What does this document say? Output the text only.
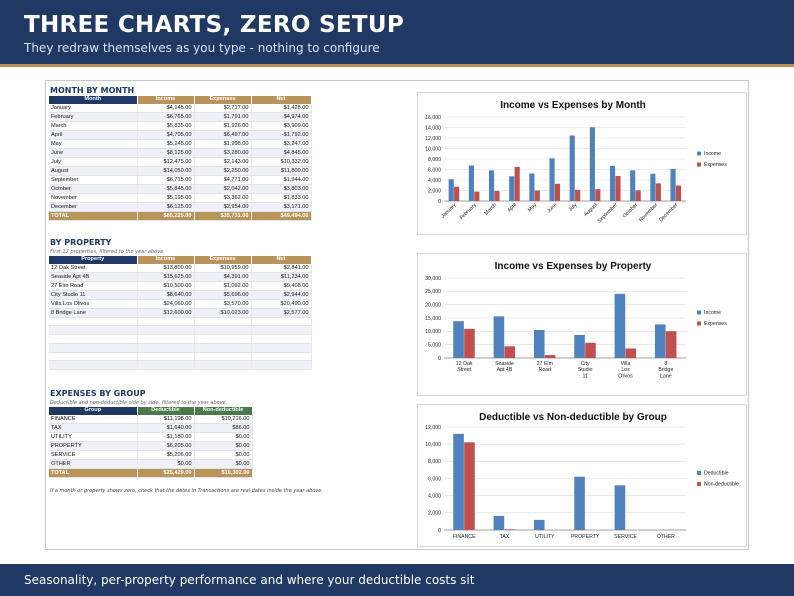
THREE CHARTS, ZERO SETUP
They redraw themselves as you type - nothing to configure
MONTH BY MONTH
Month	Income	Expenses	Net
January	$4,145.00	$2,717.00	$1,428.00
February	$6,765.00	$1,791.00	$4,974.00
March	$5,835.00	$1,926.00	$3,909.00
April	$4,705.00	$6,497.00	-$1,792.00
May	$5,245.00	$1,998.00	$3,247.00
June	$8,125.00	$3,280.00	$4,845.00
July	$12,475.00	$2,143.00	$10,332.00
August	$14,050.00	$2,250.00	$11,800.00
September	$6,715.00	$4,771.00	$1,944.00
October	$5,845.00	$2,042.00	$3,803.00
November	$5,195.00	$3,362.00	$1,833.00
December	$6,125.00	$2,954.00	$3,171.00
TOTAL	$85,225.00	$35,731.00	$49,494.00
BY PROPERTY
First 12 properties, filtered to the year above.
Property	Income	Expenses	Net
12 Oak Street	$13,800.00	$10,959.00	$2,841.00
Seaside Apt 4B	$15,625.00	$4,391.00	$11,234.00
27 Elm Road	$10,500.00	$1,092.00	$9,408.00
City Studio 11	$8,640.00	$5,696.00	$2,944.00
Villa Los Olivos	$24,060.00	$3,570.00	$20,490.00
8 Bridge Lane	$12,600.00	$10,023.00	$2,577.00

EXPENSES BY GROUP
Deductible and non-deductible side by side, filtered to the year above.
Group	Deductible	Non-deductible
FINANCE	$11,198.00	$10,216.00
TAX	$1,640.00	$86.00
UTILITY	$1,180.00	$0.00
PROPERTY	$6,205.00	$0.00
SERVICE	$5,206.00	$0.00
OTHER	$0.00	$0.00
TOTAL	$25,429.00	$10,302.00
If a month or property shows zero, check that the dates in Transactions are real dates inside the year above.
Income vs Expenses by Month
0
2,000
4,000
6,000
8,000
10,000
12,000
14,000
16,000
January February March April May June July August
September October
November
December
Income
Expenses
Income vs Expenses by Property
0
5,000
10,000
15,000
20,000
25,000
30,000
12 Oak Street
Seaside Apt 4B
27 Elm Road
City Studio 11
Villa Los Olivos
8 Bridge Lane
Income
Expenses
Deductible vs Non-deductible by Group
0
2,000
4,000
6,000
8,000
10,000
12,000
FINANCE	TAX	UTILITY	PROPERTY	SERVICE	OTHER
Deductible
Non-deductible
Seasonality, per-property performance and where your deductible costs sit
